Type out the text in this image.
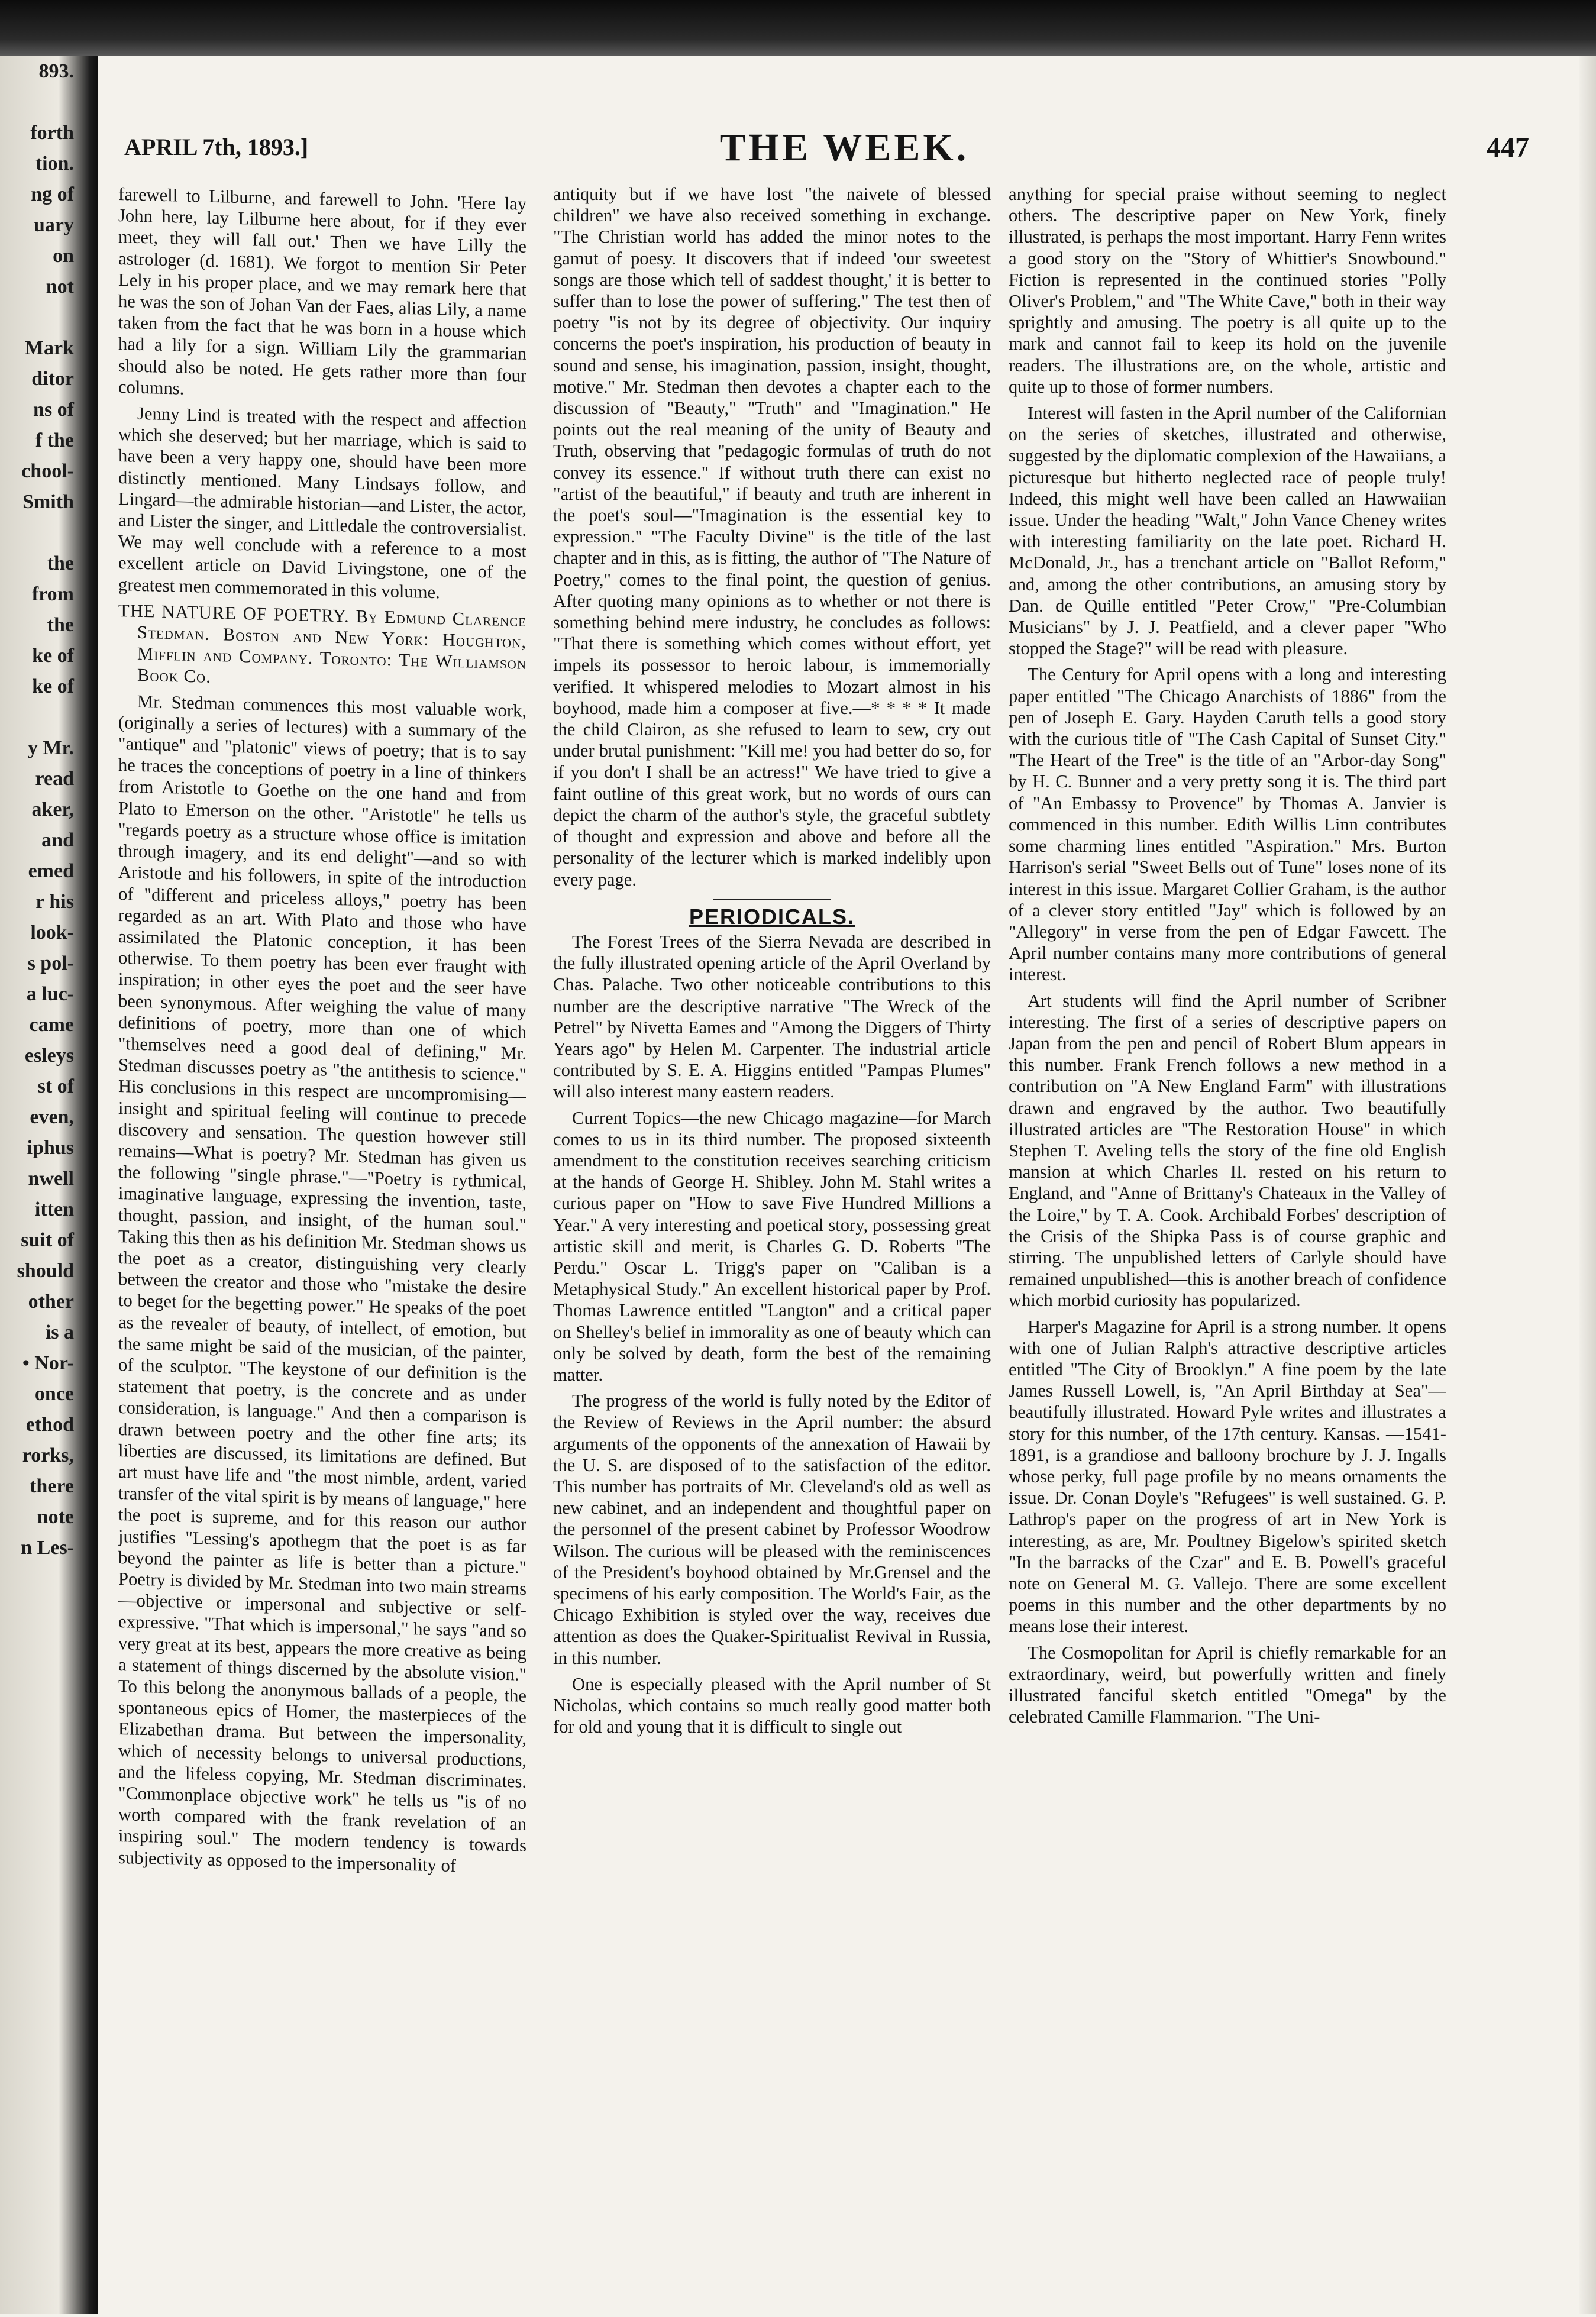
893.

forth
tion.
ng of
uary
on
not

Mark
ditor
ns of
f the
chool-
Smith

the
from
the
ke of
ke of

y Mr.
read
aker,
and
emed
r his
look-
s pol-
a luc-
came
esleys
st of
even,
iphus
nwell
itten
suit of
should
other
is a
• Nor-
once
ethod
rorks,
there
note
n Les-
APRIL 7th, 1893.]	THE WEEK.	447

farewell to Lilburne, and farewell to John. 'Here lay John here, lay Lilburne here about, for if they ever meet, they will fall out.' Then we have Lilly the astrologer (d. 1681). We forgot to mention Sir Peter Lely in his proper place, and we may remark here that he was the son of Johan Van der Faes, alias Lily, a name taken from the fact that he was born in a house which had a lily for a sign. William Lily the grammarian should also be noted. He gets rather more than four columns.

Jenny Lind is treated with the respect and affection which she deserved; but her marriage, which is said to have been a very happy one, should have been more distinctly mentioned. Many Lindsays follow, and Lingard—the admirable historian—and Lister, the actor, and Lister the singer, and Littledale the controversialist. We may well conclude with a reference to a most excellent article on David Livingstone, one of the greatest men commemorated in this volume.

THE NATURE OF POETRY. By Edmund Clarence Stedman. Boston and New York: Houghton, Mifflin and Company. Toronto: The Williamson Book Co.

Mr. Stedman commences this most valuable work, (originally a series of lectures) with a summary of the "antique" and "platonic" views of poetry; that is to say he traces the conceptions of poetry in a line of thinkers from Aristotle to Goethe on the one hand and from Plato to Emerson on the other. "Aristotle" he tells us "regards poetry as a structure whose office is imitation through imagery, and its end delight"—and so with Aristotle and his followers, in spite of the introduction of "different and priceless alloys," poetry has been regarded as an art. With Plato and those who have assimilated the Platonic conception, it has been otherwise. To them poetry has been ever fraught with inspiration; in other eyes the poet and the seer have been synonymous. After weighing the value of many definitions of poetry, more than one of which "themselves need a good deal of defining," Mr. Stedman discusses poetry as "the antithesis to science." His conclusions in this respect are uncompromising—insight and spiritual feeling will continue to precede discovery and sensation. The question however still remains—What is poetry? Mr. Stedman has given us the following "single phrase."—"Poetry is rythmical, imaginative language, expressing the invention, taste, thought, passion, and insight, of the human soul." Taking this then as his definition Mr. Stedman shows us the poet as a creator, distinguishing very clearly between the creator and those who "mistake the desire to beget for the begetting power." He speaks of the poet as the revealer of beauty, of intellect, of emotion, but the same might be said of the musician, of the painter, of the sculptor. "The keystone of our definition is the statement that poetry, is the concrete and as under consideration, is language." And then a comparison is drawn between poetry and the other fine arts; its liberties are discussed, its limitations are defined. But art must have life and "the most nimble, ardent, varied transfer of the vital spirit is by means of language," here the poet is supreme, and for this reason our author justifies "Lessing's apothegm that the poet is as far beyond the painter as life is better than a picture." Poetry is divided by Mr. Stedman into two main streams—objective or impersonal and subjective or self-expressive. "That which is impersonal," he says "and so very great at its best, appears the more creative as being a statement of things discerned by the absolute vision." To this belong the anonymous ballads of a people, the spontaneous epics of Homer, the masterpieces of the Elizabethan drama. But between the impersonality, which of necessity belongs to universal productions, and the lifeless copying, Mr. Stedman discriminates. "Commonplace objective work" he tells us "is of no worth compared with the frank revelation of an inspiring soul." The modern tendency is towards subjectivity as opposed to the impersonality of

antiquity but if we have lost "the naivete of blessed children" we have also received something in exchange. "The Christian world has added the minor notes to the gamut of poesy. It discovers that if indeed 'our sweetest songs are those which tell of saddest thought,' it is better to suffer than to lose the power of suffering." The test then of poetry "is not by its degree of objectivity. Our inquiry concerns the poet's inspiration, his production of beauty in sound and sense, his imagination, passion, insight, thought, motive." Mr. Stedman then devotes a chapter each to the discussion of "Beauty," "Truth" and "Imagination." He points out the real meaning of the unity of Beauty and Truth, observing that "pedagogic formulas of truth do not convey its essence." If without truth there can exist no "artist of the beautiful," if beauty and truth are inherent in the poet's soul—"Imagination is the essential key to expression." "The Faculty Divine" is the title of the last chapter and in this, as is fitting, the author of "The Nature of Poetry," comes to the final point, the question of genius. After quoting many opinions as to whether or not there is something behind mere industry, he concludes as follows: "That there is something which comes without effort, yet impels its possessor to heroic labour, is immemorially verified. It whispered melodies to Mozart almost in his boyhood, made him a composer at five.—* * * * It made the child Clairon, as she refused to learn to sew, cry out under brutal punishment: "Kill me! you had better do so, for if you don't I shall be an actress!" We have tried to give a faint outline of this great work, but no words of ours can depict the charm of the author's style, the graceful subtlety of thought and expression and above and before all the personality of the lecturer which is marked indelibly upon every page.

PERIODICALS.

The Forest Trees of the Sierra Nevada are described in the fully illustrated opening article of the April Overland by Chas. Palache. Two other noticeable contributions to this number are the descriptive narrative "The Wreck of the Petrel" by Nivetta Eames and "Among the Diggers of Thirty Years ago" by Helen M. Carpenter. The industrial article contributed by S. E. A. Higgins entitled "Pampas Plumes" will also interest many eastern readers.

Current Topics—the new Chicago magazine—for March comes to us in its third number. The proposed sixteenth amendment to the constitution receives searching criticism at the hands of George H. Shibley. John M. Stahl writes a curious paper on "How to save Five Hundred Millions a Year." A very interesting and poetical story, possessing great artistic skill and merit, is Charles G. D. Roberts "The Perdu." Oscar L. Trigg's paper on "Caliban is a Metaphysical Study." An excellent historical paper by Prof. Thomas Lawrence entitled "Langton" and a critical paper on Shelley's belief in immorality as one of beauty which can only be solved by death, form the best of the remaining matter.

The progress of the world is fully noted by the Editor of the Review of Reviews in the April number: the absurd arguments of the opponents of the annexation of Hawaii by the U. S. are disposed of to the satisfaction of the editor. This number has portraits of Mr. Cleveland's old as well as new cabinet, and an independent and thoughtful paper on the personnel of the present cabinet by Professor Woodrow Wilson. The curious will be pleased with the reminiscences of the President's boyhood obtained by Mr.Grensel and the specimens of his early composition. The World's Fair, as the Chicago Exhibition is styled over the way, receives due attention as does the Quaker-Spiritualist Revival in Russia, in this number.

One is especially pleased with the April number of St Nicholas, which contains so much really good matter both for old and young that it is difficult to single out

anything for special praise without seeming to neglect others. The descriptive paper on New York, finely illustrated, is perhaps the most important. Harry Fenn writes a good story on the "Story of Whittier's Snowbound." Fiction is represented in the continued stories "Polly Oliver's Problem," and "The White Cave," both in their way sprightly and amusing. The poetry is all quite up to the mark and cannot fail to keep its hold on the juvenile readers. The illustrations are, on the whole, artistic and quite up to those of former numbers.

Interest will fasten in the April number of the Californian on the series of sketches, illustrated and otherwise, suggested by the diplomatic complexion of the Hawaiians, a picturesque but hitherto neglected race of people truly! Indeed, this might well have been called an Hawwaiian issue. Under the heading "Walt," John Vance Cheney writes with interesting familiarity on the late poet. Richard H. McDonald, Jr., has a trenchant article on "Ballot Reform," and, among the other contributions, an amusing story by Dan. de Quille entitled "Peter Crow," "Pre-Columbian Musicians" by J. J. Peatfield, and a clever paper "Who stopped the Stage?" will be read with pleasure.

The Century for April opens with a long and interesting paper entitled "The Chicago Anarchists of 1886" from the pen of Joseph E. Gary. Hayden Caruth tells a good story with the curious title of "The Cash Capital of Sunset City." "The Heart of the Tree" is the title of an "Arbor-day Song" by H. C. Bunner and a very pretty song it is. The third part of "An Embassy to Provence" by Thomas A. Janvier is commenced in this number. Edith Willis Linn contributes some charming lines entitled "Aspiration." Mrs. Burton Harrison's serial "Sweet Bells out of Tune" loses none of its interest in this issue. Margaret Collier Graham, is the author of a clever story entitled "Jay" which is followed by an "Allegory" in verse from the pen of Edgar Fawcett. The April number contains many more contributions of general interest.

Art students will find the April number of Scribner interesting. The first of a series of descriptive papers on Japan from the pen and pencil of Robert Blum appears in this number. Frank French follows a new method in a contribution on "A New England Farm" with illustrations drawn and engraved by the author. Two beautifully illustrated articles are "The Restoration House" in which Stephen T. Aveling tells the story of the fine old English mansion at which Charles II. rested on his return to England, and "Anne of Brittany's Chateaux in the Valley of the Loire," by T. A. Cook. Archibald Forbes' description of the Crisis of the Shipka Pass is of course graphic and stirring. The unpublished letters of Carlyle should have remained unpublished—this is another breach of confidence which morbid curiosity has popularized.

Harper's Magazine for April is a strong number. It opens with one of Julian Ralph's attractive descriptive articles entitled "The City of Brooklyn." A fine poem by the late James Russell Lowell, is, "An April Birthday at Sea"—beautifully illustrated. Howard Pyle writes and illustrates a story for this number, of the 17th century. Kansas. —1541-1891, is a grandiose and balloony brochure by J. J. Ingalls whose perky, full page profile by no means ornaments the issue. Dr. Conan Doyle's "Refugees" is well sustained. G. P. Lathrop's paper on the progress of art in New York is interesting, as are, Mr. Poultney Bigelow's spirited sketch "In the barracks of the Czar" and E. B. Powell's graceful note on General M. G. Vallejo. There are some excellent poems in this number and the other departments by no means lose their interest.

The Cosmopolitan for April is chiefly remarkable for an extraordinary, weird, but powerfully written and finely illustrated fanciful sketch entitled "Omega" by the celebrated Camille Flammarion. "The Uni-
